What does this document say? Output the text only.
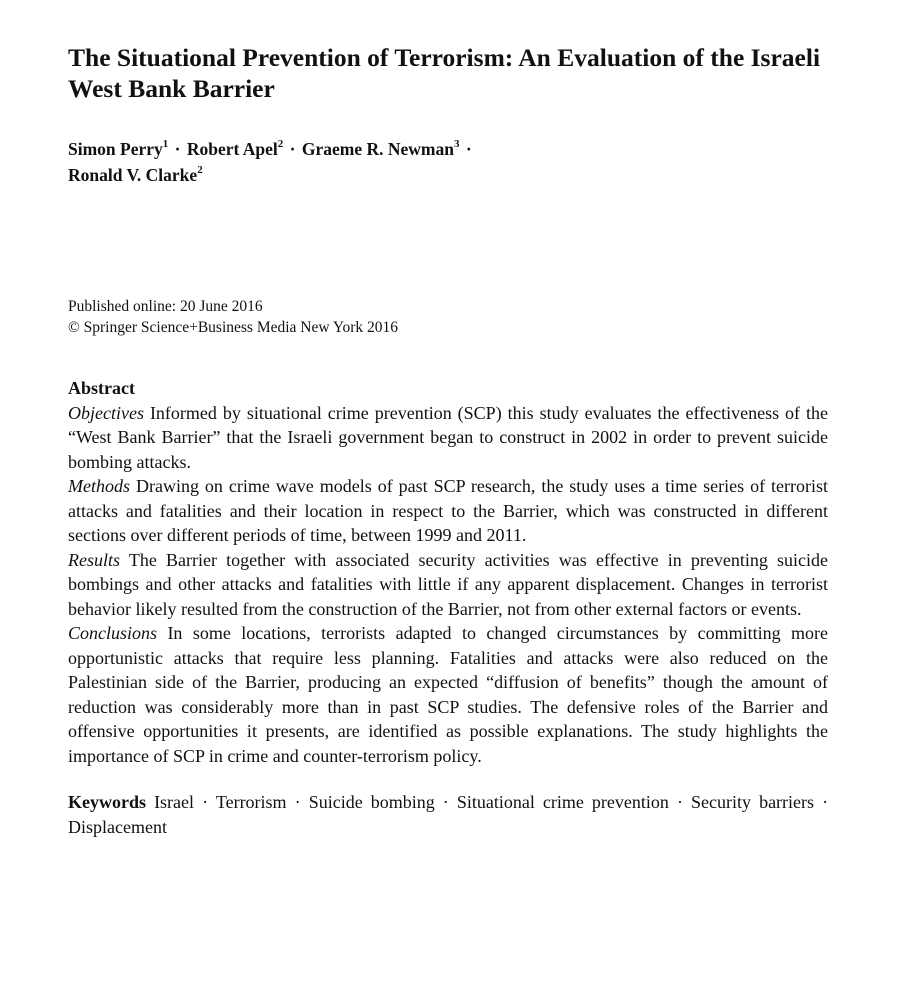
The Situational Prevention of Terrorism: An Evaluation of the Israeli West Bank Barrier
Simon Perry$^1$ · Robert Apel$^2$ · Graeme R. Newman$^3$ ·
Ronald V. Clarke$^2$
Published online: 20 June 2016
© Springer Science+Business Media New York 2016
Abstract

Objectives Informed by situational crime prevention (SCP) this study evaluates the effectiveness of the “West Bank Barrier” that the Israeli government began to construct in 2002 in order to prevent suicide bombing attacks.

Methods Drawing on crime wave models of past SCP research, the study uses a time series of terrorist attacks and fatalities and their location in respect to the Barrier, which was constructed in different sections over different periods of time, between 1999 and 2011.

Results The Barrier together with associated security activities was effective in preventing suicide bombings and other attacks and fatalities with little if any apparent displacement. Changes in terrorist behavior likely resulted from the construction of the Barrier, not from other external factors or events.

Conclusions In some locations, terrorists adapted to changed circumstances by committing more opportunistic attacks that require less planning. Fatalities and attacks were also reduced on the Palestinian side of the Barrier, producing an expected “diffusion of benefits” though the amount of reduction was considerably more than in past SCP studies. The defensive roles of the Barrier and offensive opportunities it presents, are identified as possible explanations. The study highlights the importance of SCP in crime and counter-terrorism policy.

Keywords Israel · Terrorism · Suicide bombing · Situational crime prevention · Security barriers · Displacement
